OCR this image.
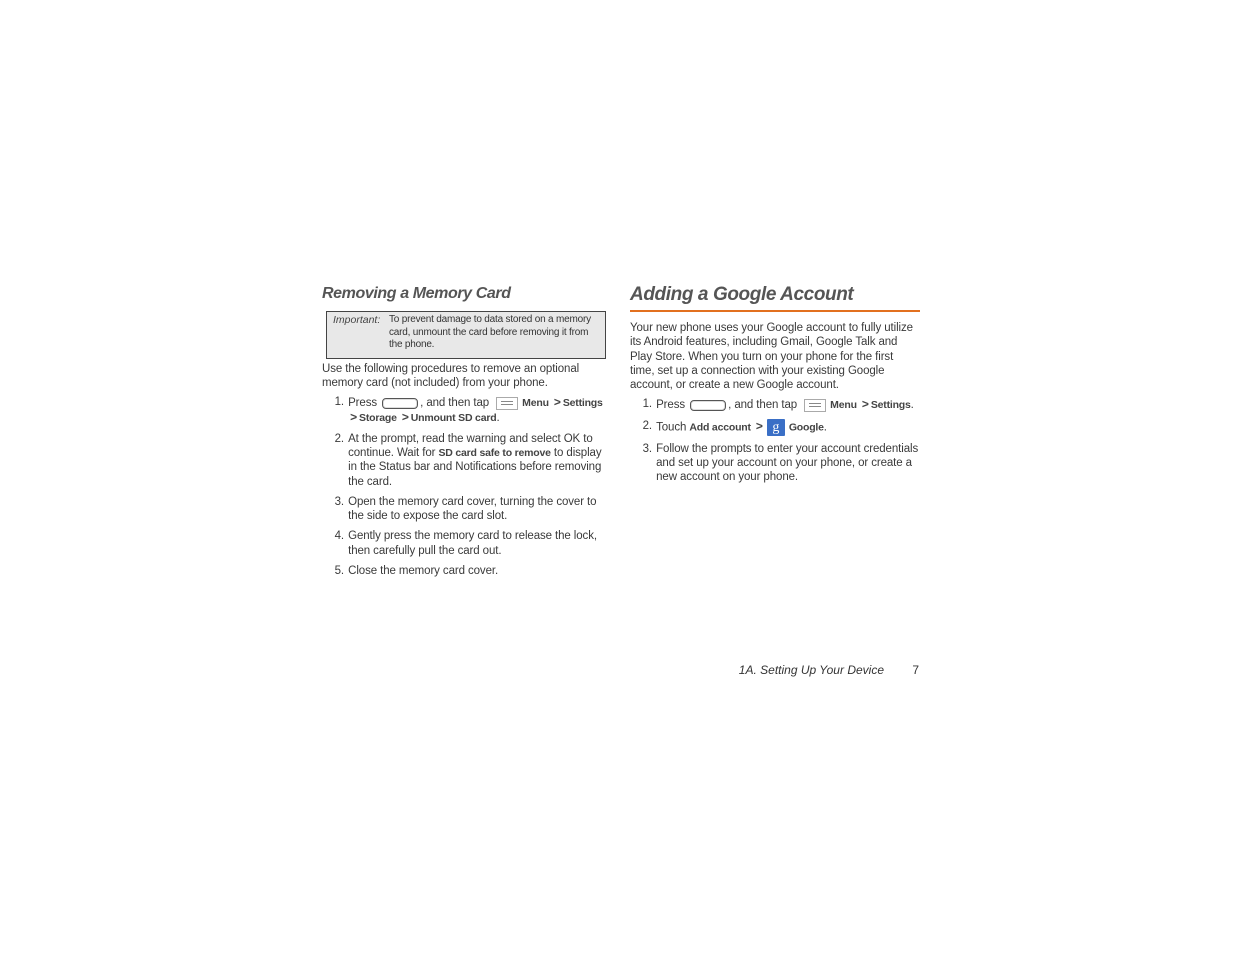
Removing a Memory Card
Important: To prevent damage to data stored on a memory card, unmount the card before removing it from the phone.

Use the following procedures to remove an optional memory card (not included) from your phone.

1.
Press	, and then tap	Menu > Settings > Storage > Unmount SD card.
2.
At the prompt, read the warning and select OK to continue. Wait for SD card safe to remove to display in the Status bar and Notifications before removing the card.
3.
Open the memory card cover, turning the cover to the side to expose the card slot.
4.
Gently press the memory card to release the lock, then carefully pull the card out.
5.
Close the memory card cover.
Adding a Google Account

Your new phone uses your Google account to fully utilize its Android features, including Gmail, Google Talk and Play Store. When you turn on your phone for the first time, set up a connection with your existing Google account, or create a new Google account.

1.
Press	, and then tap	Menu > Settings.
2.
Touch Add account > g Google.
3.
Follow the prompts to enter your account credentials and set up your account on your phone, or create a new account on your phone.
1A. Setting Up Your Device 7
